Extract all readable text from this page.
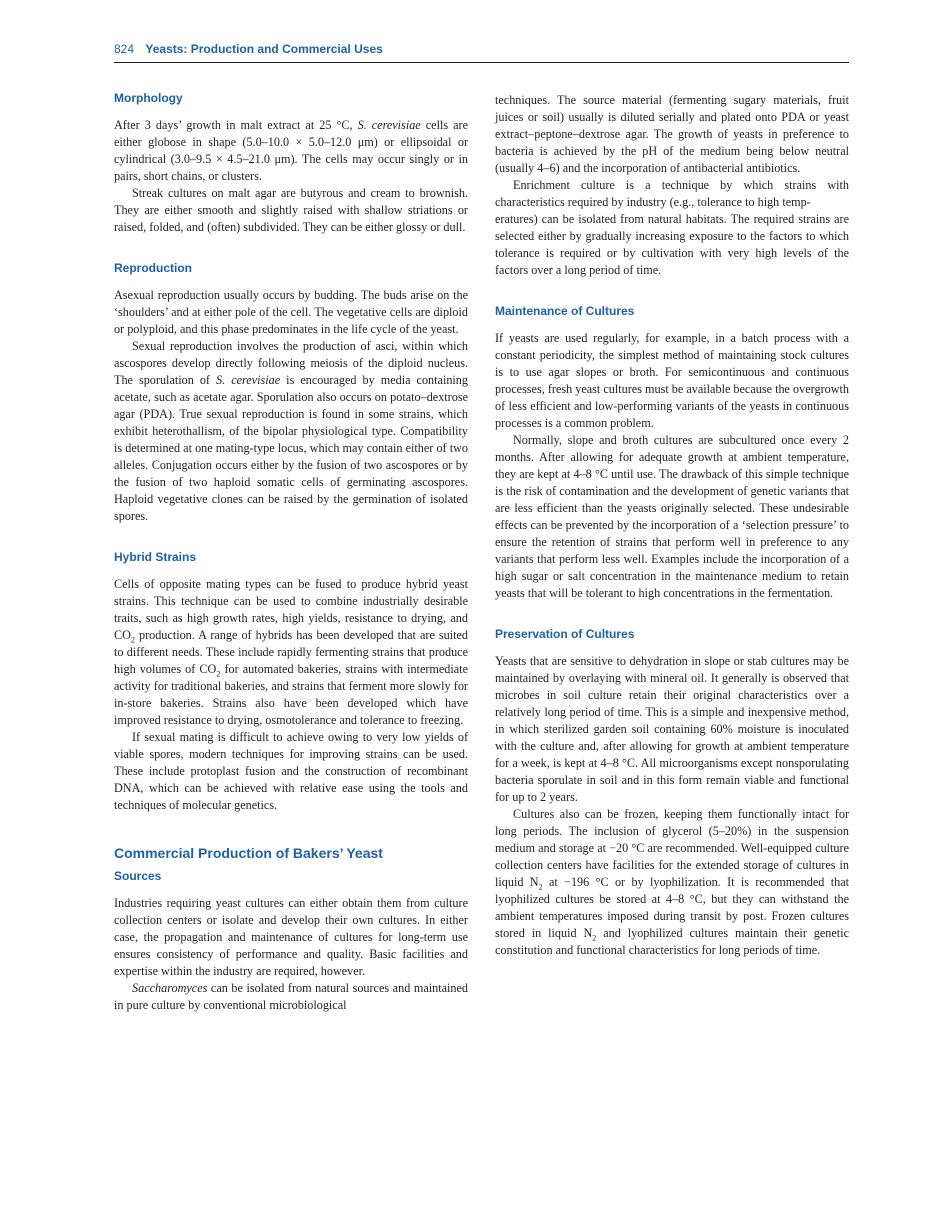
824 Yeasts: Production and Commercial Uses
Morphology

After 3 days’ growth in malt extract at 25 °C, S. cerevisiae cells are either globose in shape (5.0–10.0 × 5.0–12.0 μm) or ellipsoidal or cylindrical (3.0–9.5 × 4.5–21.0 μm). The cells may occur singly or in pairs, short chains, or clusters.

Streak cultures on malt agar are butyrous and cream to brownish. They are either smooth and slightly raised with shallow striations or raised, folded, and (often) subdivided. They can be either glossy or dull.

Reproduction

Asexual reproduction usually occurs by budding. The buds arise on the ‘shoulders’ and at either pole of the cell. The vegetative cells are diploid or polyploid, and this phase predominates in the life cycle of the yeast.

Sexual reproduction involves the production of asci, within which ascospores develop directly following meiosis of the diploid nucleus. The sporulation of S. cerevisiae is encouraged by media containing acetate, such as acetate agar. Sporulation also occurs on potato–dextrose agar (PDA). True sexual reproduction is found in some strains, which exhibit heterothallism, of the bipolar physiological type. Compatibility is determined at one mating-type locus, which may contain either of two alleles. Conjugation occurs either by the fusion of two ascospores or by the fusion of two haploid somatic cells of germinating ascospores. Haploid vegetative clones can be raised by the germination of isolated spores.

Hybrid Strains

Cells of opposite mating types can be fused to produce hybrid yeast strains. This technique can be used to combine industrially desirable traits, such as high growth rates, high yields, resistance to drying, and $CO_2$ production. A range of hybrids has been developed that are suited to different needs. These include rapidly fermenting strains that produce high volumes of $CO_2$ for automated bakeries, strains with intermediate activity for traditional bakeries, and strains that ferment more slowly for in-store bakeries. Strains also have been developed which have improved resistance to drying, osmotolerance and tolerance to freezing.

If sexual mating is difficult to achieve owing to very low yields of viable spores, modern techniques for improving strains can be used. These include protoplast fusion and the construction of recombinant DNA, which can be achieved with relative ease using the tools and techniques of molecular genetics.

Commercial Production of Bakers’ Yeast
Sources

Industries requiring yeast cultures can either obtain them from culture collection centers or isolate and develop their own cultures. In either case, the propagation and maintenance of cultures for long-term use ensures consistency of performance and quality. Basic facilities and expertise within the industry are required, however.

Saccharomyces can be isolated from natural sources and maintained in pure culture by conventional microbiological

techniques. The source material (fermenting sugary materials, fruit juices or soil) usually is diluted serially and plated onto PDA or yeast extract–peptone–dextrose agar. The growth of yeasts in preference to bacteria is achieved by the pH of the medium being below neutral (usually 4–6) and the incorporation of antibacterial antibiotics.

Enrichment culture is a technique by which strains with characteristics required by industry (e.g., tolerance to high temp-
eratures) can be isolated from natural habitats. The required strains are selected either by gradually increasing exposure to the factors to which tolerance is required or by cultivation with very high levels of the factors over a long period of time.

Maintenance of Cultures

If yeasts are used regularly, for example, in a batch process with a constant periodicity, the simplest method of maintaining stock cultures is to use agar slopes or broth. For semicontinuous and continuous processes, fresh yeast cultures must be available because the overgrowth of less efficient and low-performing variants of the yeasts in continuous processes is a common problem.

Normally, slope and broth cultures are subcultured once every 2 months. After allowing for adequate growth at ambient temperature, they are kept at 4–8 °C until use. The drawback of this simple technique is the risk of contamination and the development of genetic variants that are less efficient than the yeasts originally selected. These undesirable effects can be prevented by the incorporation of a ‘selection pressure’ to ensure the retention of strains that perform well in preference to any variants that perform less well. Examples include the incorporation of a high sugar or salt concentration in the maintenance medium to retain yeasts that will be tolerant to high concentrations in the fermentation.

Preservation of Cultures

Yeasts that are sensitive to dehydration in slope or stab cultures may be maintained by overlaying with mineral oil. It generally is observed that microbes in soil culture retain their original characteristics over a relatively long period of time. This is a simple and inexpensive method, in which sterilized garden soil containing 60% moisture is inoculated with the culture and, after allowing for growth at ambient temperature for a week, is kept at 4–8 °C. All microorganisms except nonsporulating bacteria sporulate in soil and in this form remain viable and functional for up to 2 years.

Cultures also can be frozen, keeping them functionally intact for long periods. The inclusion of glycerol (5–20%) in the suspension medium and storage at −20 °C are recommended. Well-equipped culture collection centers have facilities for the extended storage of cultures in liquid $N_2$ at −196 °C or by lyophilization. It is recommended that lyophilized cultures be stored at 4–8 °C, but they can withstand the ambient temperatures imposed during transit by post. Frozen cultures stored in liquid $N_2$ and lyophilized cultures maintain their genetic constitution and functional characteristics for long periods of time.
